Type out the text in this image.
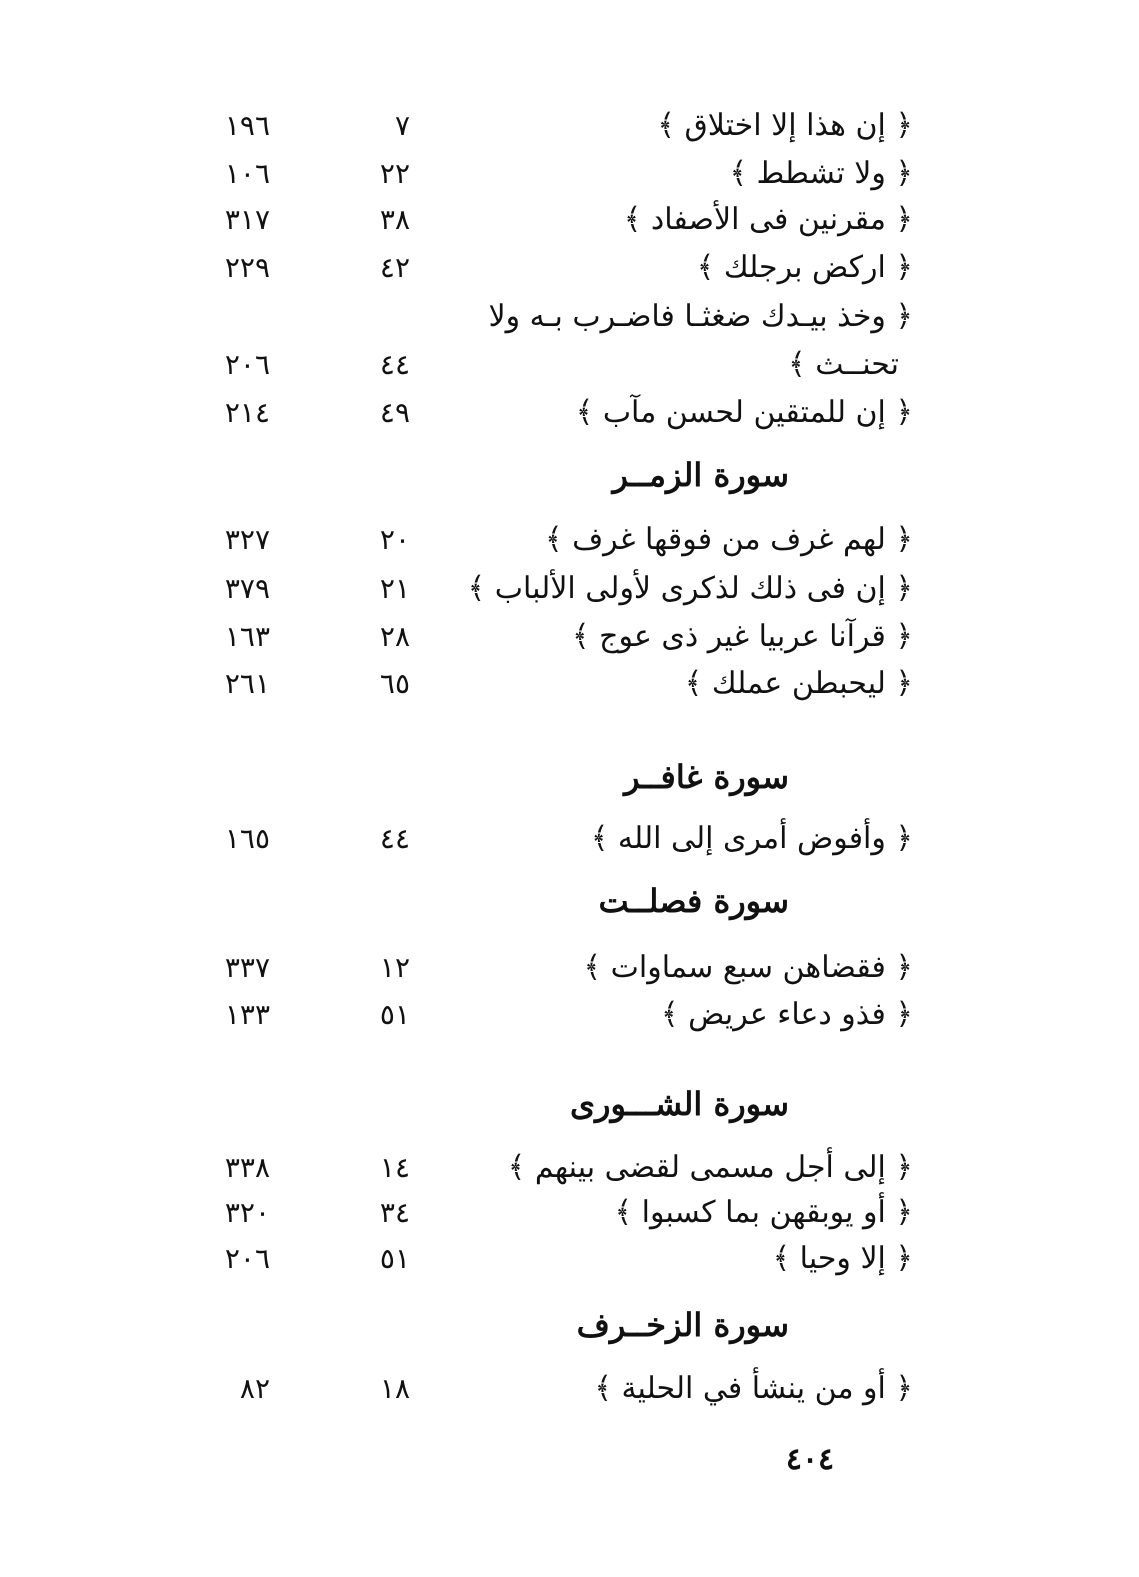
﴿ إن هذا إلا اختلاق ﴾
٧
١٩٦
﴿ ولا تشطط ﴾
٢٢
١٠٦
﴿ مقرنين فى الأصفاد ﴾
٣٨
٣١٧
﴿ اركض برجلك ﴾
٤٢
٢٢٩
﴿ وخذ بيـدك ضغثـا فاضـرب بـه ولا
تحنــث ﴾
٤٤
٢٠٦
﴿ إن للمتقين لحسن مآب ﴾
٤٩
٢١٤
سورة الزمــر
﴿ لهم غرف من فوقها غرف ﴾
٢٠
٣٢٧
﴿ إن فى ذلك لذكرى لأولى الألباب ﴾
٢١
٣٧٩
﴿ قرآنا عربيا غير ذى عوج ﴾
٢٨
١٦٣
﴿ ليحبطن عملك ﴾
٦٥
٢٦١
سورة غافــر
﴿ وأفوض أمرى إلى الله ﴾
٤٤
١٦٥
سورة فصلــت
﴿ فقضاهن سبع سماوات ﴾
١٢
٣٣٧
﴿ فذو دعاء عريض ﴾
٥١
١٣٣
سورة الشـــورى
﴿ إلى أجل مسمى لقضى بينهم ﴾
١٤
٣٣٨
﴿ أو يوبقهن بما كسبوا ﴾
٣٤
٣٢٠
﴿ إلا وحيا ﴾
٥١
٢٠٦
سورة الزخــرف
﴿ أو من ينشأ في الحلية ﴾
١٨
٨٢
٤٠٤
